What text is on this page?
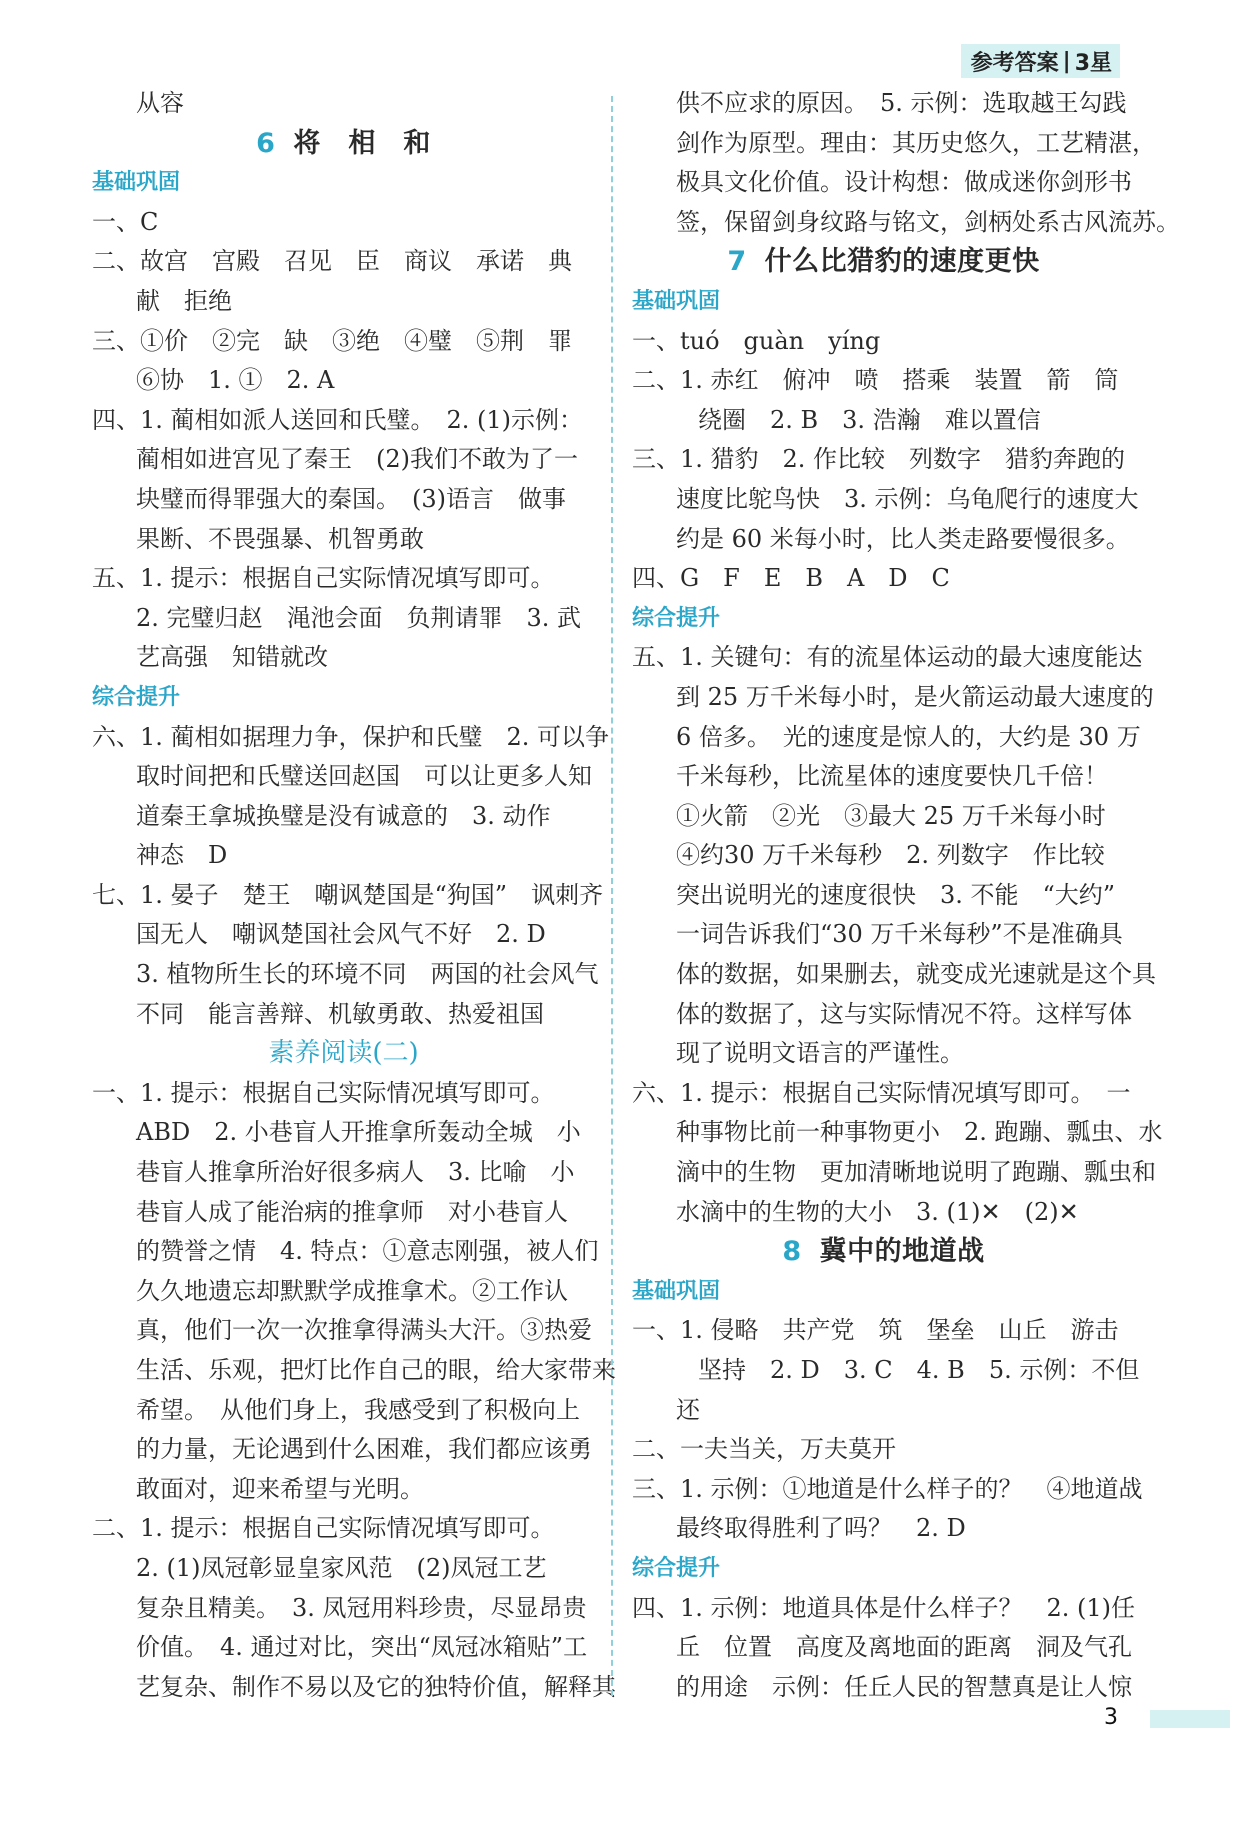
参考答案 | 3星
从容
6 将　相　和
基础巩固
一、C
二、故宫　宫殿　召见　臣　商议　承诺　典
献　拒绝
三、①价　②完　缺　③绝　④璧　⑤荆　罪
⑥协　1. ①　2. A
四、1. 蔺相如派人送回和氏璧。　2. (1)示例：
蔺相如进宫见了秦王　(2)我们不敢为了一
块璧而得罪强大的秦国。　(3)语言　做事
果断、不畏强暴、机智勇敢
五、1. 提示：根据自己实际情况填写即可。
2. 完璧归赵　渑池会面　负荆请罪　3. 武
艺高强　知错就改
综合提升
六、1. 蔺相如据理力争，保护和氏璧　2. 可以争
取时间把和氏璧送回赵国　可以让更多人知
道秦王拿城换璧是没有诚意的　3. 动作
神态　D
七、1. 晏子　楚王　嘲讽楚国是“狗国”　讽刺齐
国无人　嘲讽楚国社会风气不好　2. D
3. 植物所生长的环境不同　两国的社会风气
不同　能言善辩、机敏勇敢、热爱祖国
素养阅读(二)
一、1. 提示：根据自己实际情况填写即可。
ABD　2. 小巷盲人开推拿所轰动全城　小
巷盲人推拿所治好很多病人　3. 比喻　小
巷盲人成了能治病的推拿师　对小巷盲人
的赞誉之情　4. 特点：①意志刚强，被人们
久久地遗忘却默默学成推拿术。②工作认
真，他们一次一次推拿得满头大汗。③热爱
生活、乐观，把灯比作自己的眼，给大家带来
希望。　从他们身上，我感受到了积极向上
的力量，无论遇到什么困难，我们都应该勇
敢面对，迎来希望与光明。
二、1. 提示：根据自己实际情况填写即可。
2. (1)凤冠彰显皇家风范　(2)凤冠工艺
复杂且精美。　3. 凤冠用料珍贵，尽显昂贵
价值。　4. 通过对比，突出“凤冠冰箱贴”工
艺复杂、制作不易以及它的独特价值，解释其
供不应求的原因。　5. 示例：选取越王勾践
剑作为原型。理由：其历史悠久，工艺精湛，
极具文化价值。设计构想：做成迷你剑形书
签，保留剑身纹路与铭文，剑柄处系古风流苏。
7 什么比猎豹的速度更快
基础巩固
一、tuó　guàn　yíng
二、1. 赤红　俯冲　喷　搭乘　装置　箭　筒
绕圈　2. B　3. 浩瀚　难以置信
三、1. 猎豹　2. 作比较　列数字　猎豹奔跑的
速度比鸵鸟快　3. 示例：乌龟爬行的速度大
约是 60 米每小时，比人类走路要慢很多。
四、G　F　E　B　A　D　C
综合提升
五、1. 关键句：有的流星体运动的最大速度能达
到 25 万千米每小时，是火箭运动最大速度的
6 倍多。　光的速度是惊人的，大约是 30 万
千米每秒，比流星体的速度要快几千倍！
①火箭　②光　③最大 25 万千米每小时
④约30 万千米每秒　2. 列数字　作比较
突出说明光的速度很快　3. 不能　“大约”
一词告诉我们“30 万千米每秒”不是准确具
体的数据，如果删去，就变成光速就是这个具
体的数据了，这与实际情况不符。这样写体
现了说明文语言的严谨性。
六、1. 提示：根据自己实际情况填写即可。　一
种事物比前一种事物更小　2. 跑蹦、瓢虫、水
滴中的生物　更加清晰地说明了跑蹦、瓢虫和
水滴中的生物的大小　3. (1)✕　(2)✕
8 冀中的地道战
基础巩固
一、1. 侵略　共产党　筑　堡垒　山丘　游击
坚持　2. D　3. C　4. B　5. 示例：不但
还
二、一夫当关，万夫莫开
三、1. 示例：①地道是什么样子的？　④地道战
最终取得胜利了吗？　2. D
综合提升
四、1. 示例：地道具体是什么样子？　2. (1)任
丘　位置　高度及离地面的距离　洞及气孔
的用途　示例：任丘人民的智慧真是让人惊
3
